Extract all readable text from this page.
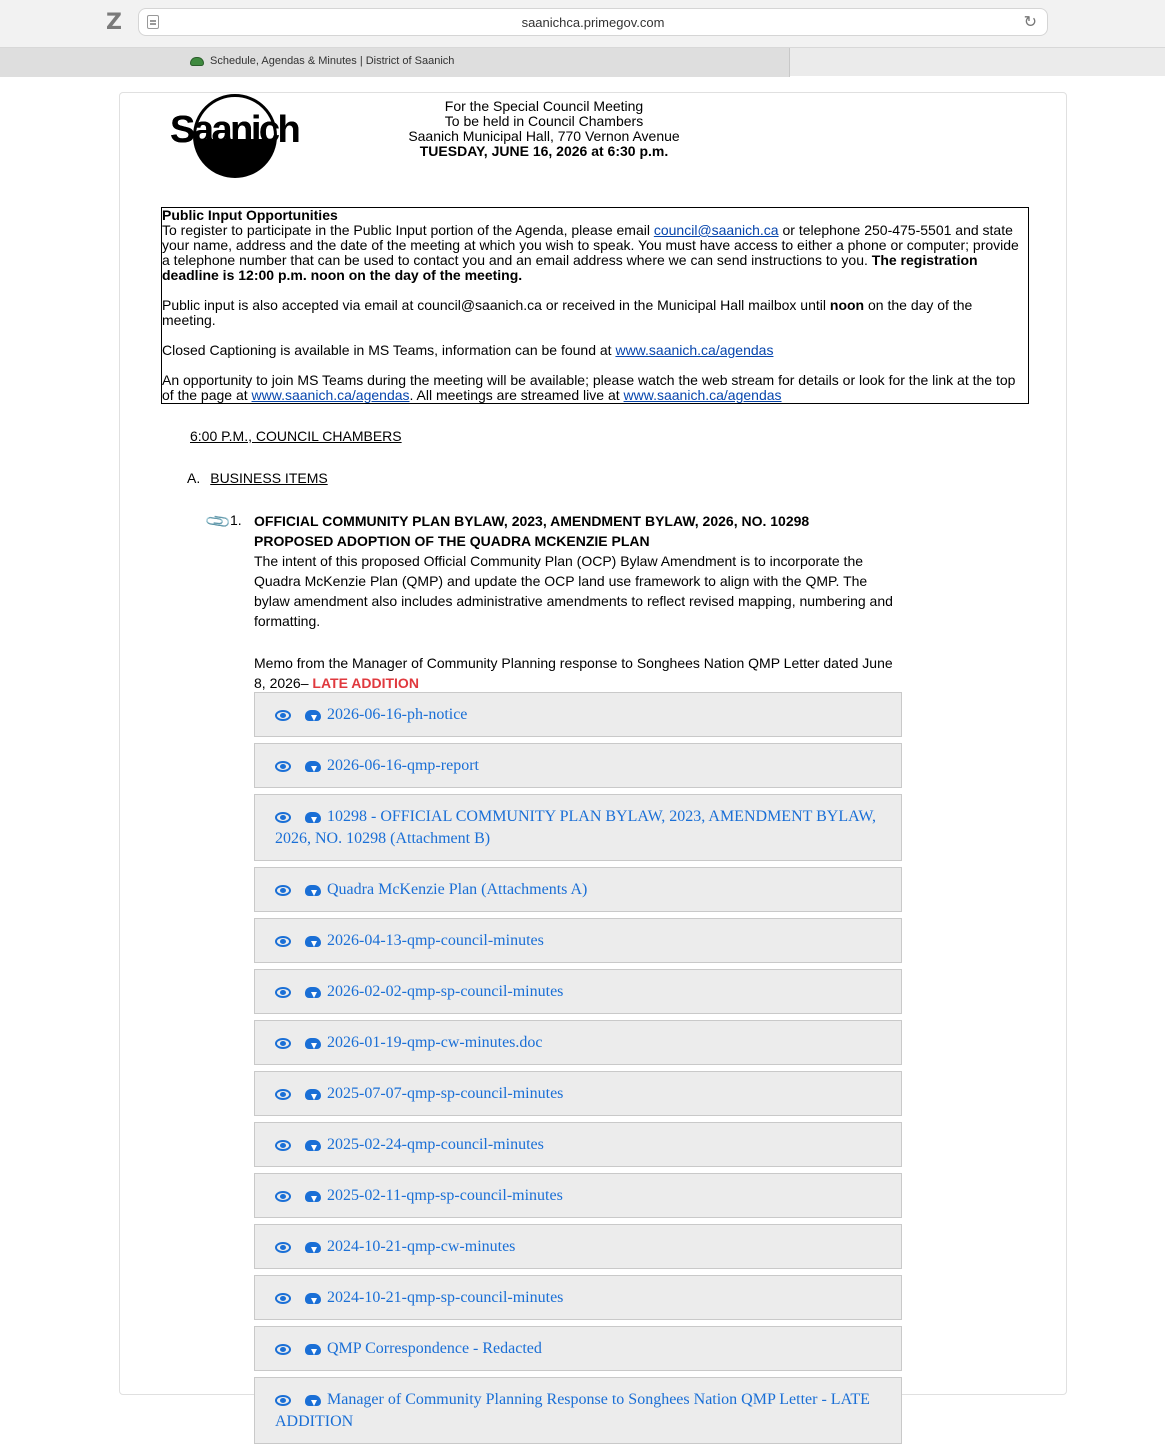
Z	saanichca.primegov.com	↻
Schedule, Agendas & Minutes | District of Saanich
Saanich

For the Special Council Meeting
To be held in Council Chambers
Saanich Municipal Hall, 770 Vernon Avenue
TUESDAY, JUNE 16, 2026 at 6:30 p.m.

Public Input Opportunities

To register to participate in the Public Input portion of the Agenda, please email council@saanich.ca or telephone 250-475-5501 and state your name, address and the date of the meeting at which you wish to speak. You must have access to either a phone or computer; provide a telephone number that can be used to contact you and an email address where we can send instructions to you. The registration deadline is 12:00 p.m. noon on the day of the meeting.

Public input is also accepted via email at council@saanich.ca or received in the Municipal Hall mailbox until noon on the day of the meeting.

Closed Captioning is available in MS Teams, information can be found at www.saanich.ca/agendas

An opportunity to join MS Teams during the meeting will be available; please watch the web stream for details or look for the link at the top of the page at www.saanich.ca/agendas. All meetings are streamed live at www.saanich.ca/agendas

6:00 P.M., COUNCIL CHAMBERS
A. BUSINESS ITEMS
📎
1. OFFICIAL COMMUNITY PLAN BYLAW, 2023, AMENDMENT BYLAW, 2026, NO. 10298
PROPOSED ADOPTION OF THE QUADRA MCKENZIE PLAN
The intent of this proposed Official Community Plan (OCP) Bylaw Amendment is to incorporate the Quadra McKenzie Plan (QMP) and update the OCP land use framework to align with the QMP. The bylaw amendment also includes administrative amendments to reflect revised mapping, numbering and formatting.
Memo from the Manager of Community Planning response to Songhees Nation QMP Letter dated June 8, 2026– LATE ADDITION
2026-06-16-ph-notice
2026-06-16-qmp-report
10298 - OFFICIAL COMMUNITY PLAN BYLAW, 2023, AMENDMENT BYLAW, 2026, NO. 10298 (Attachment B)
Quadra McKenzie Plan (Attachments A)
2026-04-13-qmp-council-minutes
2026-02-02-qmp-sp-council-minutes
2026-01-19-qmp-cw-minutes.doc
2025-07-07-qmp-sp-council-minutes
2025-02-24-qmp-council-minutes
2025-02-11-qmp-sp-council-minutes
2024-10-21-qmp-cw-minutes
2024-10-21-qmp-sp-council-minutes
QMP Correspondence - Redacted
Manager of Community Planning Response to Songhees Nation QMP Letter - LATE ADDITION
